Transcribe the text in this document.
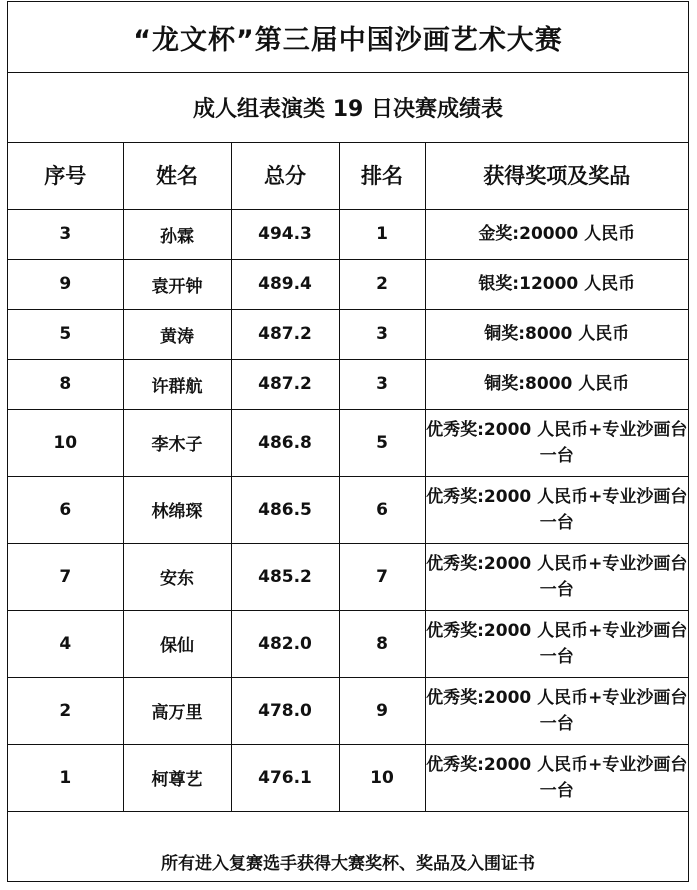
“龙文杯”第三届中国沙画艺术大赛
成人组表演类 19 日决赛成绩表
序号	姓名	总分	排名	获得奖项及奖品
3	孙霖	494.3	1	金奖:20000 人民币
9	袁开钟	489.4	2	银奖:12000 人民币
5	黄涛	487.2	3	铜奖:8000 人民币
8	许群航	487.2	3	铜奖:8000 人民币
10	李木子	486.8	5	优秀奖:2000 人民币+专业沙画台一台
6	林绵琛	486.5	6	优秀奖:2000 人民币+专业沙画台一台
7	安东	485.2	7	优秀奖:2000 人民币+专业沙画台一台
4	保仙	482.0	8	优秀奖:2000 人民币+专业沙画台一台
2	高万里	478.0	9	优秀奖:2000 人民币+专业沙画台一台
1	柯尊艺	476.1	10	优秀奖:2000 人民币+专业沙画台一台
所有进入复赛选手获得大赛奖杯、奖品及入围证书
